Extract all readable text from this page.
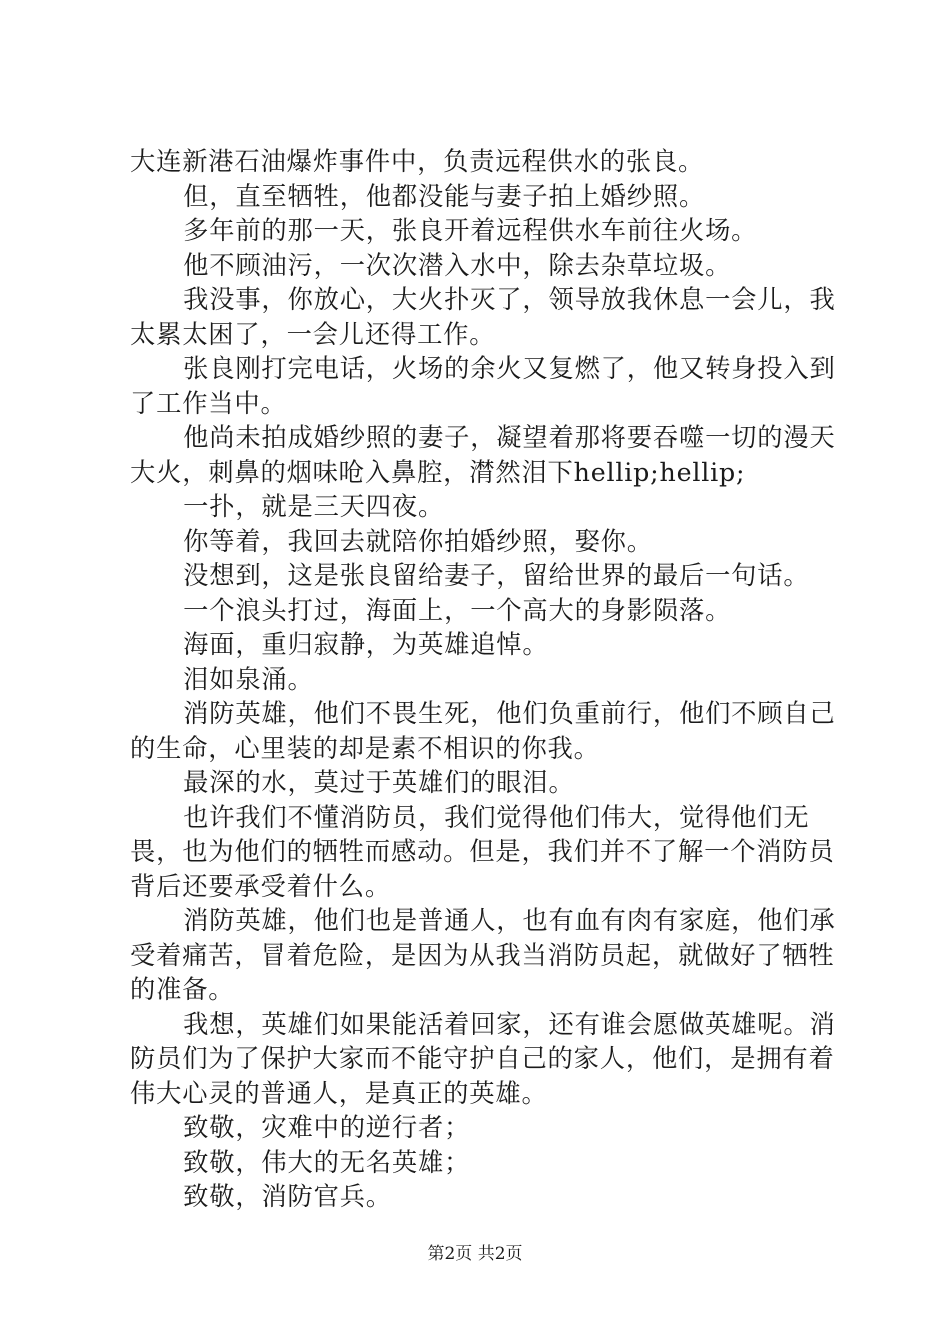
大连新港石油爆炸事件中，负责远程供水的张良。

但，直至牺牲，他都没能与妻子拍上婚纱照。

多年前的那一天，张良开着远程供水车前往火场。

他不顾油污，一次次潜入水中，除去杂草垃圾。

我没事，你放心，大火扑灭了，领导放我休息一会儿，我太累太困了，一会儿还得工作。

张良刚打完电话，火场的余火又复燃了，他又转身投入到了工作当中。

他尚未拍成婚纱照的妻子，凝望着那将要吞噬一切的漫天大火，刺鼻的烟味呛入鼻腔，潸然泪下hellip;hellip;

一扑，就是三天四夜。

你等着，我回去就陪你拍婚纱照，娶你。

没想到，这是张良留给妻子，留给世界的最后一句话。

一个浪头打过，海面上，一个高大的身影陨落。

海面，重归寂静，为英雄追悼。

泪如泉涌。

消防英雄，他们不畏生死，他们负重前行，他们不顾自己的生命，心里装的却是素不相识的你我。

最深的水，莫过于英雄们的眼泪。

也许我们不懂消防员，我们觉得他们伟大，觉得他们无畏，也为他们的牺牲而感动。但是，我们并不了解一个消防员背后还要承受着什么。

消防英雄，他们也是普通人，也有血有肉有家庭，他们承受着痛苦，冒着危险，是因为从我当消防员起，就做好了牺牲的准备。

我想，英雄们如果能活着回家，还有谁会愿做英雄呢。消防员们为了保护大家而不能守护自己的家人，他们，是拥有着伟大心灵的普通人，是真正的英雄。

致敬，灾难中的逆行者；

致敬，伟大的无名英雄；

致敬，消防官兵。

第2页 共2页
